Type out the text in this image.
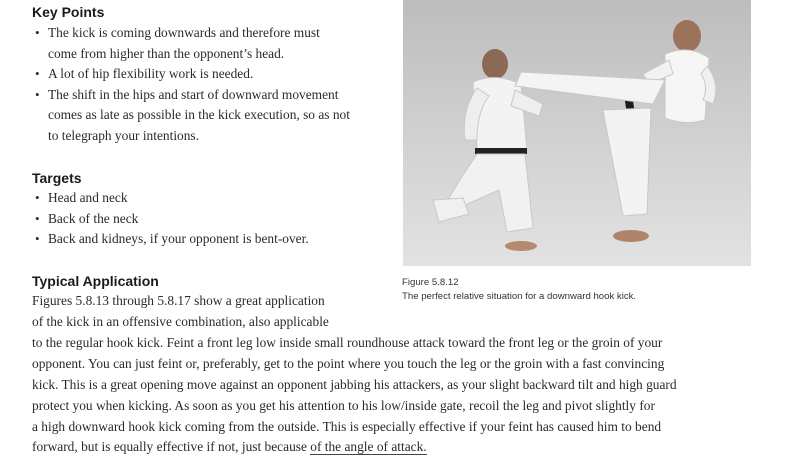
Key Points
• The kick is coming downwards and therefore must
come from higher than the opponent’s head.
• A lot of hip flexibility work is needed.
• The shift in the hips and start of downward movement
comes as late as possible in the kick execution, so as not
to telegraph your intentions.
Targets
• Head and neck
• Back of the neck
• Back and kidneys, if your opponent is bent-over.
Figure 5.8.12
The perfect relative situation for a downward hook kick.
Typical Application
Figures 5.8.13 through 5.8.17 show a great application
of the kick in an offensive combination, also applicable
to the regular hook kick. Feint a front leg low inside small roundhouse attack toward the front leg or the groin of your
opponent. You can just feint or, preferably, get to the point where you touch the leg or the groin with a fast convincing
kick. This is a great opening move against an opponent jabbing his attackers, as your slight backward tilt and high guard
protect you when kicking. As soon as you get his attention to his low/inside gate, recoil the leg and pivot slightly for
a high downward hook kick coming from the outside. This is especially effective if your feint has caused him to bend
forward, but is equally effective if not, just because of the angle of attack.
